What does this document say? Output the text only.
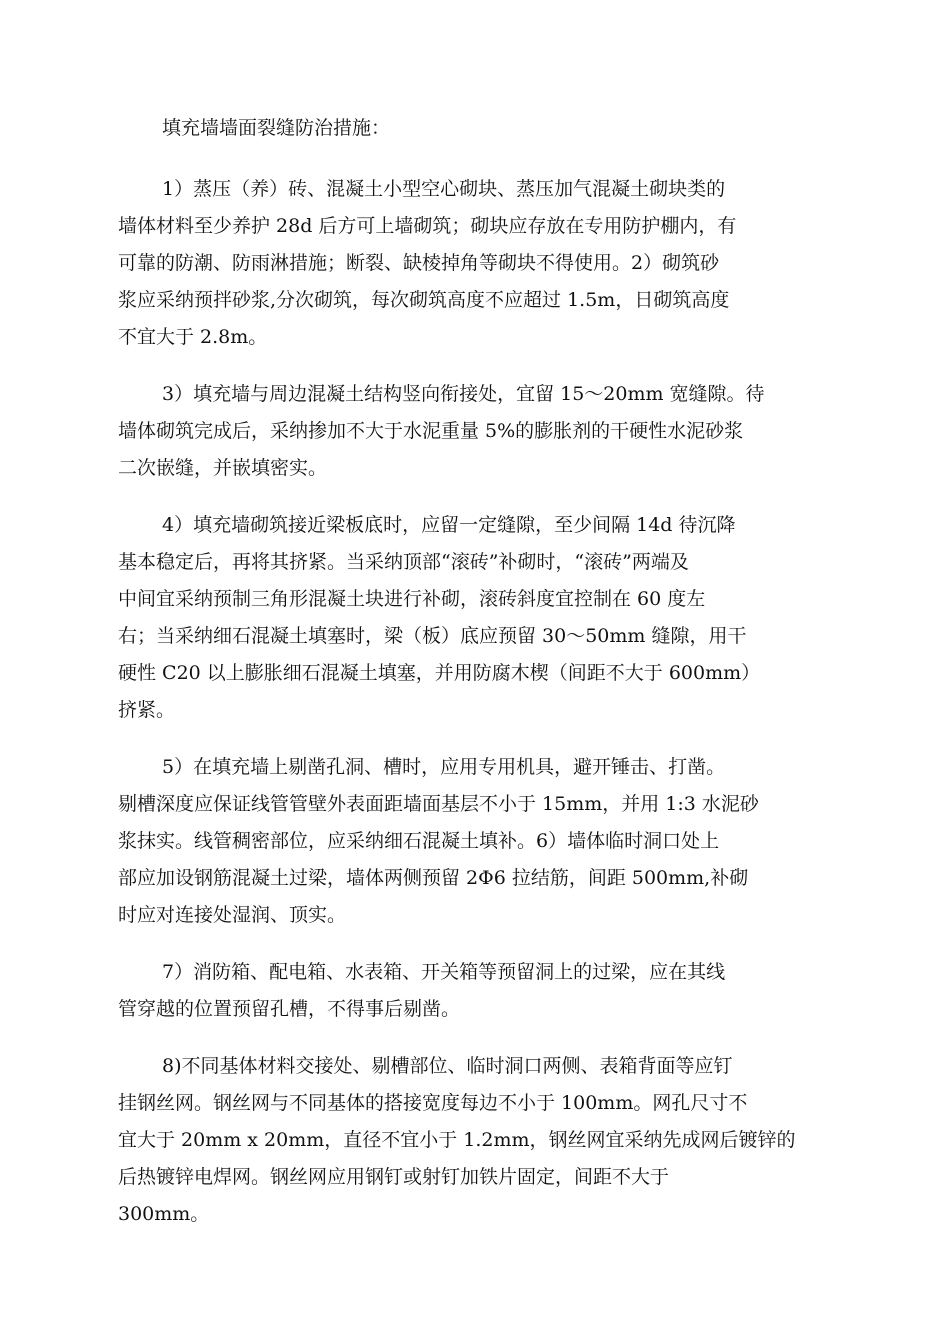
填充墙墙面裂缝防治措施：

1）蒸压（养）砖、混凝土小型空心砌块、蒸压加气混凝土砌块类的
墙体材料至少养护 28d 后方可上墙砌筑；砌块应存放在专用防护棚内，有
可靠的防潮、防雨淋措施；断裂、缺棱掉角等砌块不得使用。2）砌筑砂
浆应采纳预拌砂浆,分次砌筑，每次砌筑高度不应超过 1.5m，日砌筑高度
不宜大于 2.8m。
3）填充墙与周边混凝土结构竖向衔接处，宜留 15～20mm 宽缝隙。待
墙体砌筑完成后，采纳掺加不大于水泥重量 5%的膨胀剂的干硬性水泥砂浆
二次嵌缝，并嵌填密实。
4）填充墙砌筑接近梁板底时，应留一定缝隙，至少间隔 14d 待沉降
基本稳定后，再将其挤紧。当采纳顶部“滚砖”补砌时，“滚砖”两端及
中间宜采纳预制三角形混凝土块进行补砌，滚砖斜度宜控制在 60 度左
右；当采纳细石混凝土填塞时，梁（板）底应预留 30～50mm 缝隙，用干
硬性 C20 以上膨胀细石混凝土填塞，并用防腐木楔（间距不大于 600mm）
挤紧。
5）在填充墙上剔凿孔洞、槽时，应用专用机具，避开锤击、打凿。
剔槽深度应保证线管管壁外表面距墙面基层不小于 15mm，并用 1:3 水泥砂
浆抹实。线管稠密部位，应采纳细石混凝土填补。6）墙体临时洞口处上
部应加设钢筋混凝土过梁，墙体两侧预留 2Φ6 拉结筋，间距 500mm,补砌
时应对连接处湿润、顶实。
7）消防箱、配电箱、水表箱、开关箱等预留洞上的过梁，应在其线
管穿越的位置预留孔槽，不得事后剔凿。
8)不同基体材料交接处、剔槽部位、临时洞口两侧、表箱背面等应钉
挂钢丝网。钢丝网与不同基体的搭接宽度每边不小于 100mm。网孔尺寸不
宜大于 20mm x 20mm，直径不宜小于 1.2mm，钢丝网宜采纳先成网后镀锌的
后热镀锌电焊网。钢丝网应用钢钉或射钉加铁片固定，间距不大于
300mm。
